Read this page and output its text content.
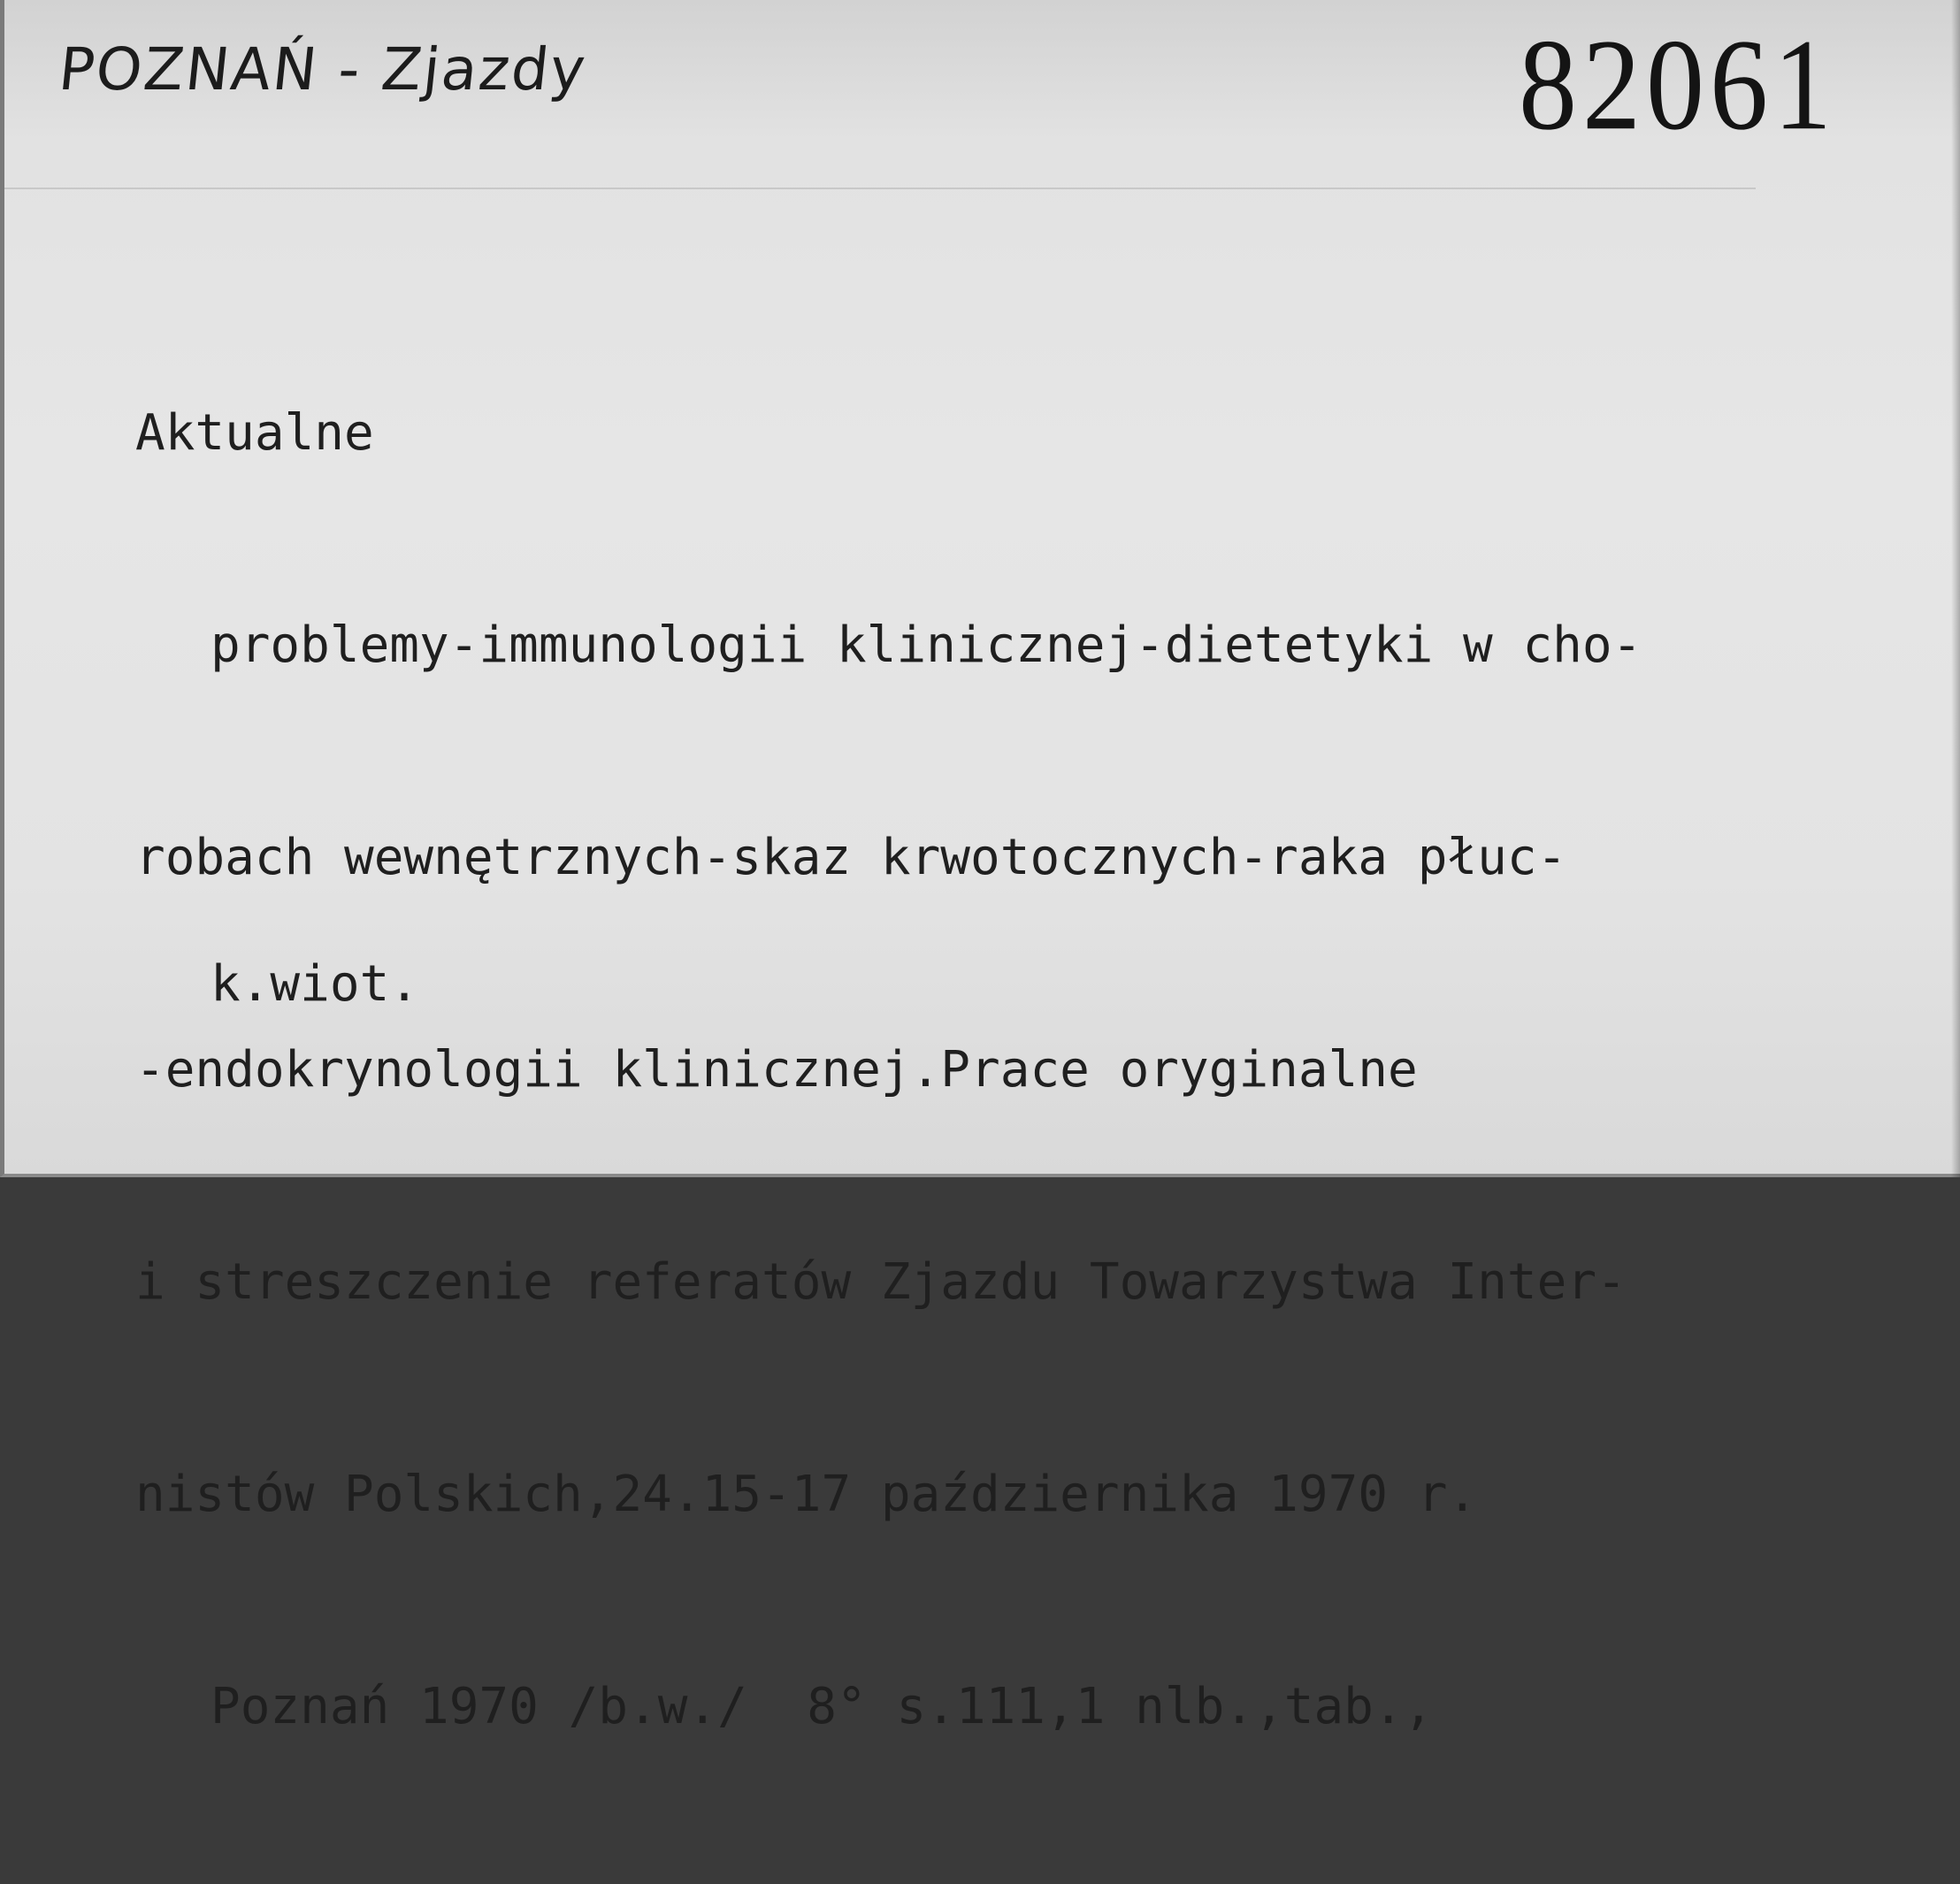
POZNAŃ - Zjazdy	82061

Aktualne

problemy-immunologii klinicznej-dietetyki w cho-

robach wewnętrznych-skaz krwotocznych-raka płuc-

-endokrynologii klinicznej.Prace oryginalne

i streszczenie referatów Zjazdu Towarzystwa Inter-

nistów Polskich,24.15-17 października 1970 r.

Poznań 1970 /b.w./  8° s.111,1 nlb.,tab.,

k.wiot.
